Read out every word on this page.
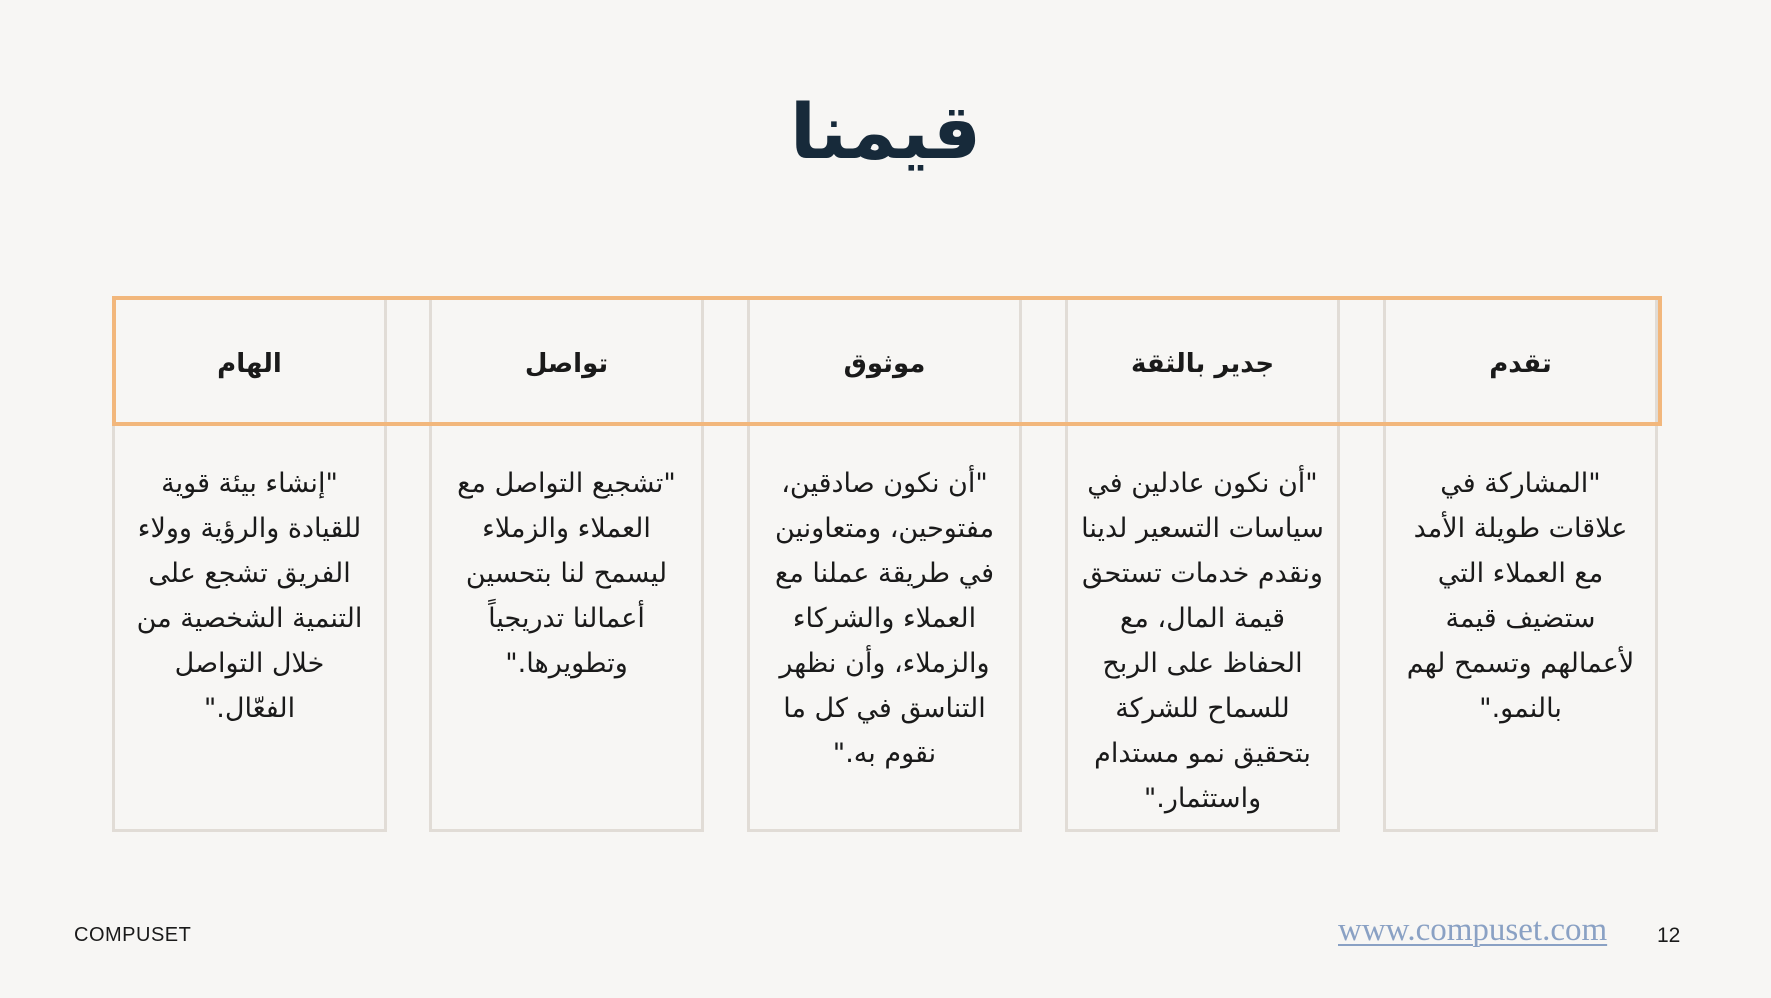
قيمنا
تقدم
"المشاركة في
علاقات طويلة الأمد
مع العملاء التي
ستضيف قيمة
لأعمالهم وتسمح لهم
بالنمو."
جدير بالثقة
"أن نكون عادلين في
سياسات التسعير لدينا
ونقدم خدمات تستحق
قيمة المال، مع
الحفاظ على الربح
للسماح للشركة
بتحقيق نمو مستدام
واستثمار."
موثوق
"أن نكون صادقين،
مفتوحين، ومتعاونين
في طريقة عملنا مع
العملاء والشركاء
والزملاء، وأن نظهر
التناسق في كل ما
نقوم به."
تواصل
"تشجيع التواصل مع
العملاء والزملاء
ليسمح لنا بتحسين
أعمالنا تدريجياً
وتطويرها."
الهام
"إنشاء بيئة قوية
للقيادة والرؤية وولاء
الفريق تشجع على
التنمية الشخصية من
خلال التواصل
الفعّال."
COMPUSET	www.compuset.com 12
